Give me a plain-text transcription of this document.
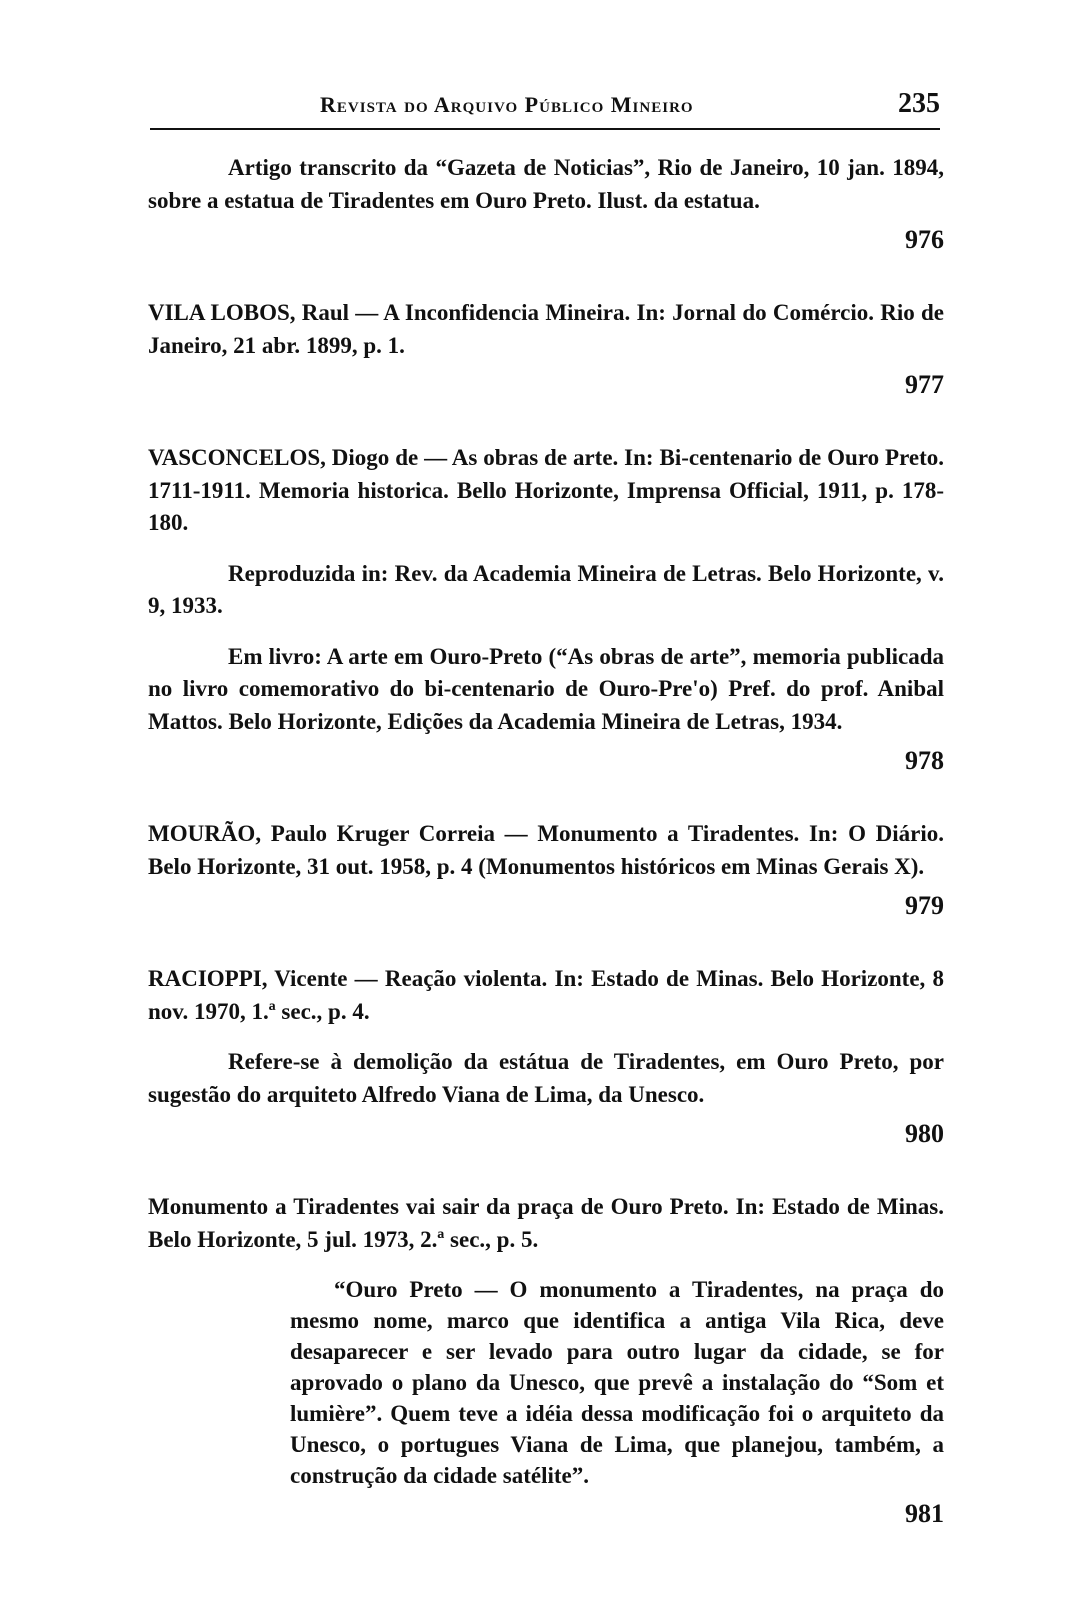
Revista do Arquivo Público Mineiro	235

Artigo transcrito da “Gazeta de Noticias”, Rio de Janeiro, 10 jan. 1894, sobre a estatua de Tiradentes em Ouro Preto. Ilust. da estatua.

976

VILA LOBOS, Raul — A Inconfidencia Mineira. In: Jornal do Comércio. Rio de Janeiro, 21 abr. 1899, p. 1.

977

VASCONCELOS, Diogo de — As obras de arte. In: Bi-centenario de Ouro Preto. 1711-1911. Memoria historica. Bello Horizonte, Imprensa Official, 1911, p. 178-180.

Reproduzida in: Rev. da Academia Mineira de Letras. Belo Horizonte, v. 9, 1933.

Em livro: A arte em Ouro-Preto (“As obras de arte”, memoria publicada no livro comemorativo do bi-centenario de Ouro-Pre'o) Pref. do prof. Anibal Mattos. Belo Horizonte, Edições da Academia Mineira de Letras, 1934.

978

MOURÃO, Paulo Kruger Correia — Monumento a Tiradentes. In: O Diário. Belo Horizonte, 31 out. 1958, p. 4 (Monumentos históricos em Minas Gerais X).

979

RACIOPPI, Vicente — Reação violenta. In: Estado de Minas. Belo Horizonte, 8 nov. 1970, 1.ª sec., p. 4.

Refere-se à demolição da estátua de Tiradentes, em Ouro Preto, por sugestão do arquiteto Alfredo Viana de Lima, da Unesco.

980

Monumento a Tiradentes vai sair da praça de Ouro Preto. In: Estado de Minas. Belo Horizonte, 5 jul. 1973, 2.ª sec., p. 5.

“Ouro Preto — O monumento a Tiradentes, na praça do mesmo nome, marco que identifica a antiga Vila Rica, deve desaparecer e ser levado para outro lugar da cidade, se for aprovado o plano da Unesco, que prevê a instalação do “Som et lumière”. Quem teve a idéia dessa modificação foi o arquiteto da Unesco, o portugues Viana de Lima, que planejou, também, a construção da cidade satélite”.

981
